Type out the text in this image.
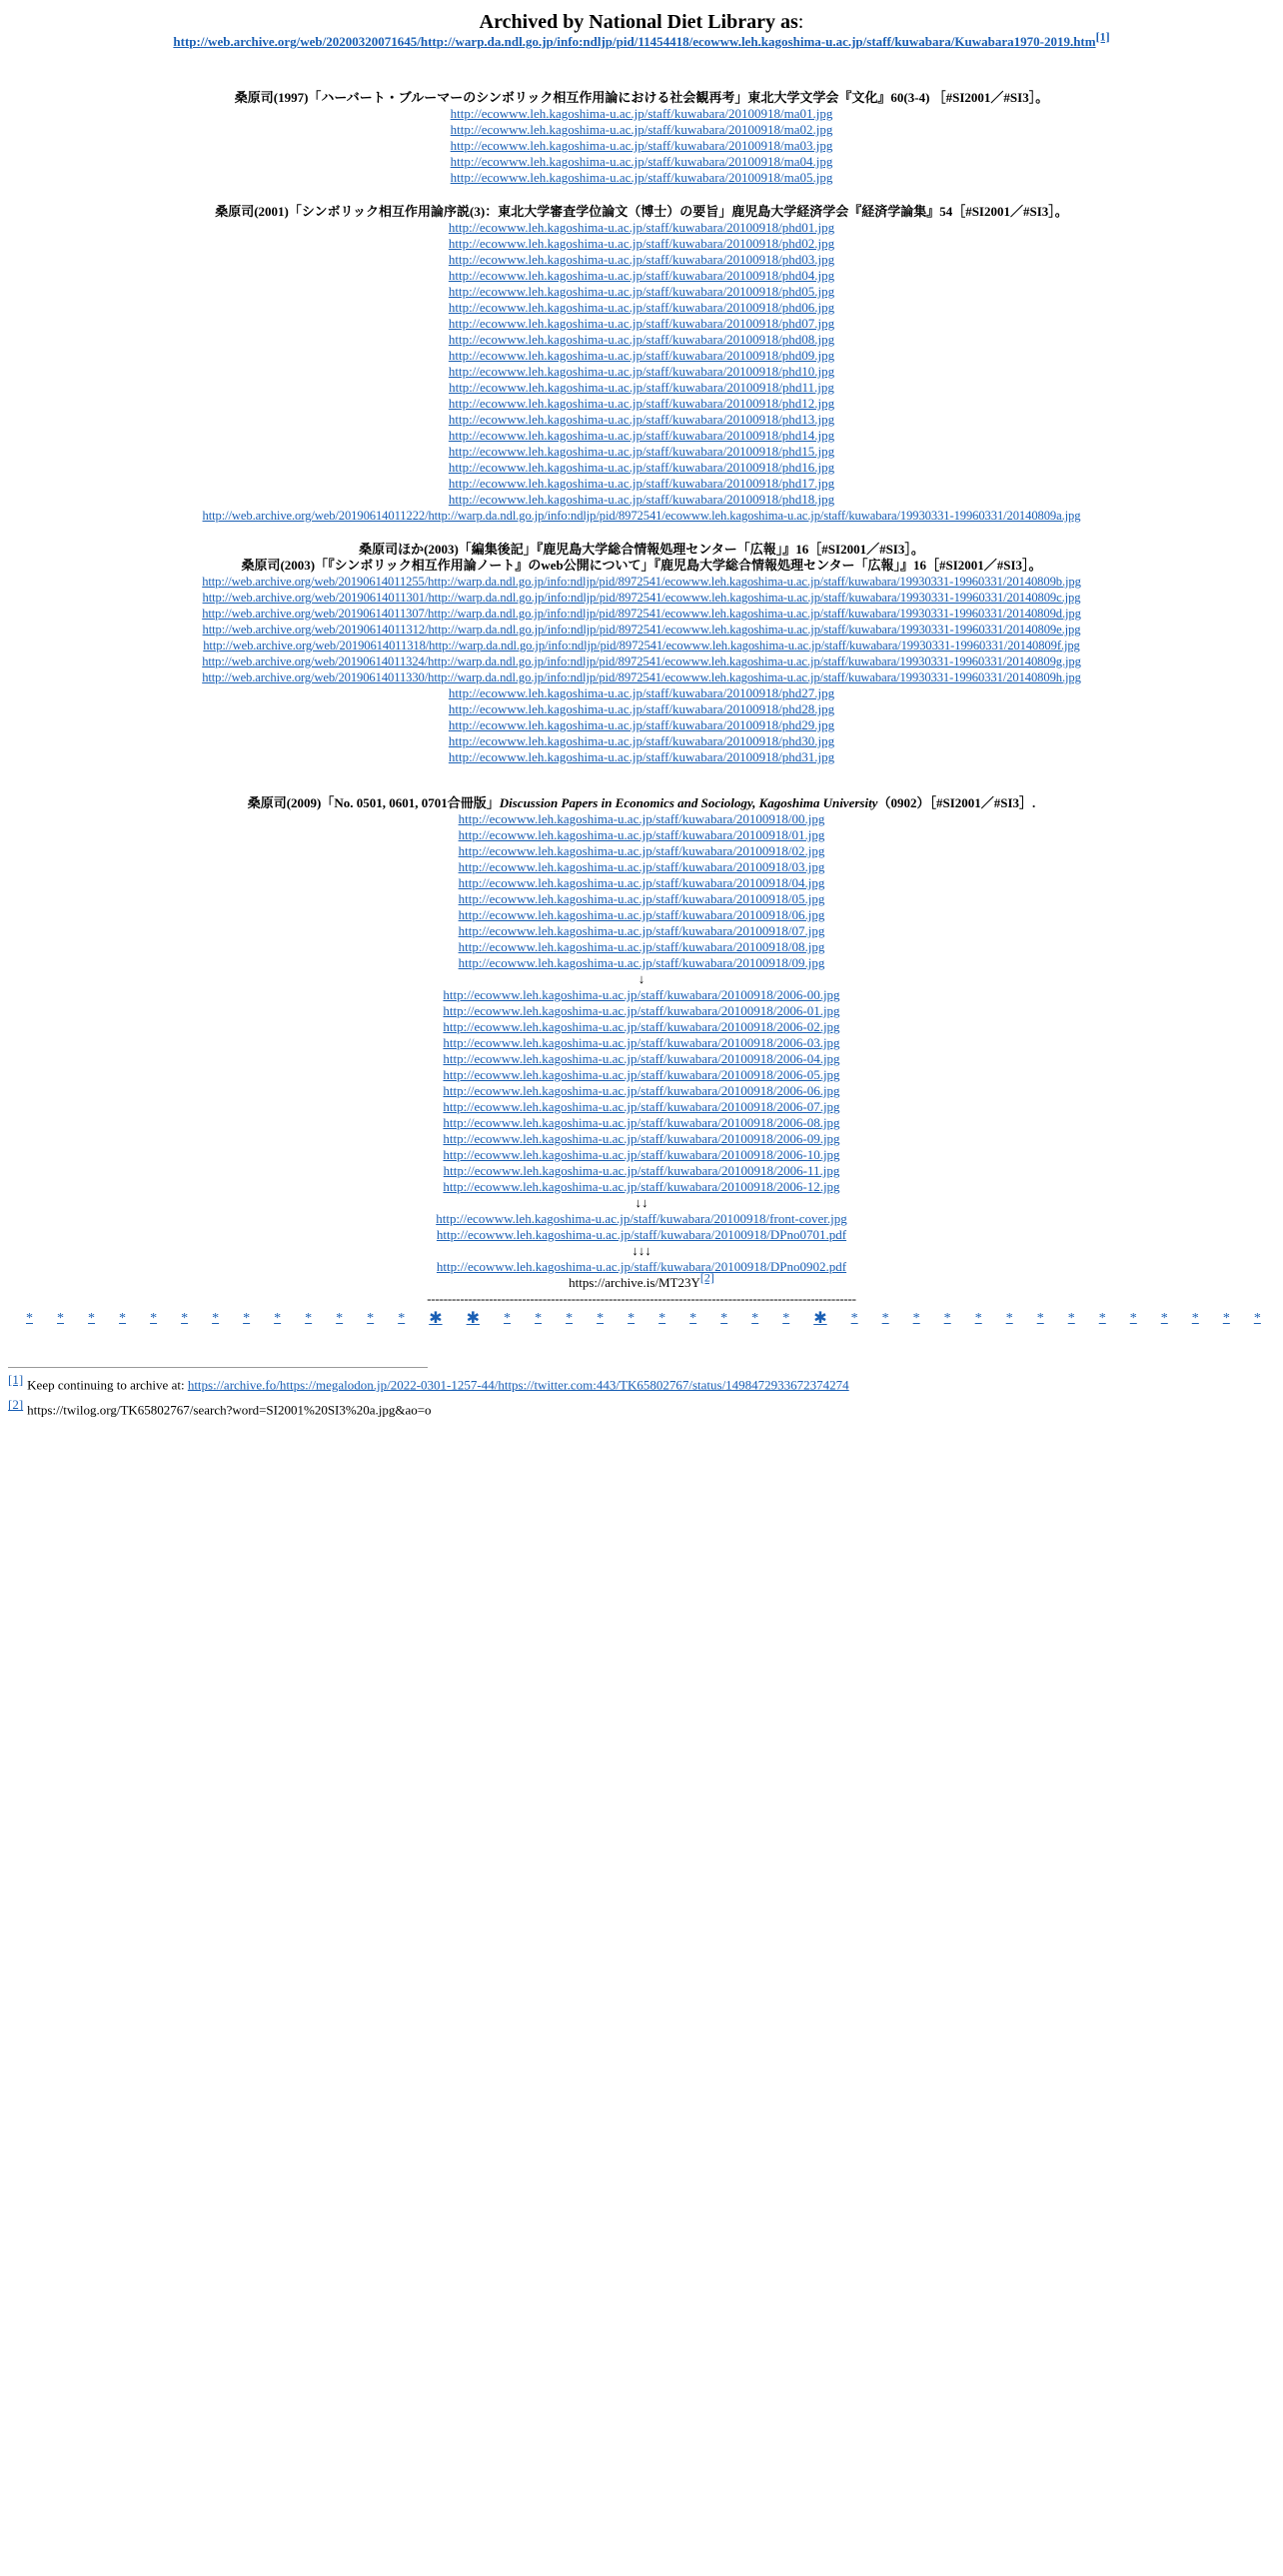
Archived by National Diet Library as:
http://web.archive.org/web/20200320071645/http://warp.da.ndl.go.jp/info:ndljp/pid/11454418/ecowww.leh.kagoshima-u.ac.jp/staff/kuwabara/Kuwabara1970-2019.htm[1]
桑原司(1997)「ハーバート・ブルーマーのシンボリック相互作用論における社会観再考」東北大学文学会『文化』60(3-4) ［#SI2001／#SI3］。
http://ecowww.leh.kagoshima-u.ac.jp/staff/kuwabara/20100918/ma01.jpg
http://ecowww.leh.kagoshima-u.ac.jp/staff/kuwabara/20100918/ma02.jpg
http://ecowww.leh.kagoshima-u.ac.jp/staff/kuwabara/20100918/ma03.jpg
http://ecowww.leh.kagoshima-u.ac.jp/staff/kuwabara/20100918/ma04.jpg
http://ecowww.leh.kagoshima-u.ac.jp/staff/kuwabara/20100918/ma05.jpg
桑原司(2001)「シンボリック相互作用論序説(3)：東北大学審査学位論文（博士）の要旨」鹿児島大学経済学会『経済学論集』54［#SI2001／#SI3］。
http://ecowww.leh.kagoshima-u.ac.jp/staff/kuwabara/20100918/phd01.jpg
http://ecowww.leh.kagoshima-u.ac.jp/staff/kuwabara/20100918/phd02.jpg
http://ecowww.leh.kagoshima-u.ac.jp/staff/kuwabara/20100918/phd03.jpg
http://ecowww.leh.kagoshima-u.ac.jp/staff/kuwabara/20100918/phd04.jpg
http://ecowww.leh.kagoshima-u.ac.jp/staff/kuwabara/20100918/phd05.jpg
http://ecowww.leh.kagoshima-u.ac.jp/staff/kuwabara/20100918/phd06.jpg
http://ecowww.leh.kagoshima-u.ac.jp/staff/kuwabara/20100918/phd07.jpg
http://ecowww.leh.kagoshima-u.ac.jp/staff/kuwabara/20100918/phd08.jpg
http://ecowww.leh.kagoshima-u.ac.jp/staff/kuwabara/20100918/phd09.jpg
http://ecowww.leh.kagoshima-u.ac.jp/staff/kuwabara/20100918/phd10.jpg
http://ecowww.leh.kagoshima-u.ac.jp/staff/kuwabara/20100918/phd11.jpg
http://ecowww.leh.kagoshima-u.ac.jp/staff/kuwabara/20100918/phd12.jpg
http://ecowww.leh.kagoshima-u.ac.jp/staff/kuwabara/20100918/phd13.jpg
http://ecowww.leh.kagoshima-u.ac.jp/staff/kuwabara/20100918/phd14.jpg
http://ecowww.leh.kagoshima-u.ac.jp/staff/kuwabara/20100918/phd15.jpg
http://ecowww.leh.kagoshima-u.ac.jp/staff/kuwabara/20100918/phd16.jpg
http://ecowww.leh.kagoshima-u.ac.jp/staff/kuwabara/20100918/phd17.jpg
http://ecowww.leh.kagoshima-u.ac.jp/staff/kuwabara/20100918/phd18.jpg
http://web.archive.org/web/20190614011222/http://warp.da.ndl.go.jp/info:ndljp/pid/8972541/ecowww.leh.kagoshima-u.ac.jp/staff/kuwabara/19930331-19960331/20140809a.jpg
桑原司ほか(2003)「編集後記」『鹿児島大学総合情報処理センター「広報」』16［#SI2001／#SI3］。
桑原司(2003)「『シンボリック相互作用論ノート』のweb公開について」『鹿児島大学総合情報処理センター「広報」』16［#SI2001／#SI3］。
http://web.archive.org/web/20190614011255/http://warp.da.ndl.go.jp/info:ndljp/pid/8972541/ecowww.leh.kagoshima-u.ac.jp/staff/kuwabara/19930331-19960331/20140809b.jpg
http://web.archive.org/web/20190614011301/http://warp.da.ndl.go.jp/info:ndljp/pid/8972541/ecowww.leh.kagoshima-u.ac.jp/staff/kuwabara/19930331-19960331/20140809c.jpg
http://web.archive.org/web/20190614011307/http://warp.da.ndl.go.jp/info:ndljp/pid/8972541/ecowww.leh.kagoshima-u.ac.jp/staff/kuwabara/19930331-19960331/20140809d.jpg
http://web.archive.org/web/20190614011312/http://warp.da.ndl.go.jp/info:ndljp/pid/8972541/ecowww.leh.kagoshima-u.ac.jp/staff/kuwabara/19930331-19960331/20140809e.jpg
http://web.archive.org/web/20190614011318/http://warp.da.ndl.go.jp/info:ndljp/pid/8972541/ecowww.leh.kagoshima-u.ac.jp/staff/kuwabara/19930331-19960331/20140809f.jpg
http://web.archive.org/web/20190614011324/http://warp.da.ndl.go.jp/info:ndljp/pid/8972541/ecowww.leh.kagoshima-u.ac.jp/staff/kuwabara/19930331-19960331/20140809g.jpg
http://web.archive.org/web/20190614011330/http://warp.da.ndl.go.jp/info:ndljp/pid/8972541/ecowww.leh.kagoshima-u.ac.jp/staff/kuwabara/19930331-19960331/20140809h.jpg
http://ecowww.leh.kagoshima-u.ac.jp/staff/kuwabara/20100918/phd27.jpg
http://ecowww.leh.kagoshima-u.ac.jp/staff/kuwabara/20100918/phd28.jpg
http://ecowww.leh.kagoshima-u.ac.jp/staff/kuwabara/20100918/phd29.jpg
http://ecowww.leh.kagoshima-u.ac.jp/staff/kuwabara/20100918/phd30.jpg
http://ecowww.leh.kagoshima-u.ac.jp/staff/kuwabara/20100918/phd31.jpg
桑原司(2009)「No. 0501, 0601, 0701合冊版」Discussion Papers in Economics and Sociology, Kagoshima University（0902）［#SI2001／#SI3］.
http://ecowww.leh.kagoshima-u.ac.jp/staff/kuwabara/20100918/00.jpg
http://ecowww.leh.kagoshima-u.ac.jp/staff/kuwabara/20100918/01.jpg
http://ecowww.leh.kagoshima-u.ac.jp/staff/kuwabara/20100918/02.jpg
http://ecowww.leh.kagoshima-u.ac.jp/staff/kuwabara/20100918/03.jpg
http://ecowww.leh.kagoshima-u.ac.jp/staff/kuwabara/20100918/04.jpg
http://ecowww.leh.kagoshima-u.ac.jp/staff/kuwabara/20100918/05.jpg
http://ecowww.leh.kagoshima-u.ac.jp/staff/kuwabara/20100918/06.jpg
http://ecowww.leh.kagoshima-u.ac.jp/staff/kuwabara/20100918/07.jpg
http://ecowww.leh.kagoshima-u.ac.jp/staff/kuwabara/20100918/08.jpg
http://ecowww.leh.kagoshima-u.ac.jp/staff/kuwabara/20100918/09.jpg
↓
http://ecowww.leh.kagoshima-u.ac.jp/staff/kuwabara/20100918/2006-00.jpg
http://ecowww.leh.kagoshima-u.ac.jp/staff/kuwabara/20100918/2006-01.jpg
http://ecowww.leh.kagoshima-u.ac.jp/staff/kuwabara/20100918/2006-02.jpg
http://ecowww.leh.kagoshima-u.ac.jp/staff/kuwabara/20100918/2006-03.jpg
http://ecowww.leh.kagoshima-u.ac.jp/staff/kuwabara/20100918/2006-04.jpg
http://ecowww.leh.kagoshima-u.ac.jp/staff/kuwabara/20100918/2006-05.jpg
http://ecowww.leh.kagoshima-u.ac.jp/staff/kuwabara/20100918/2006-06.jpg
http://ecowww.leh.kagoshima-u.ac.jp/staff/kuwabara/20100918/2006-07.jpg
http://ecowww.leh.kagoshima-u.ac.jp/staff/kuwabara/20100918/2006-08.jpg
http://ecowww.leh.kagoshima-u.ac.jp/staff/kuwabara/20100918/2006-09.jpg
http://ecowww.leh.kagoshima-u.ac.jp/staff/kuwabara/20100918/2006-10.jpg
http://ecowww.leh.kagoshima-u.ac.jp/staff/kuwabara/20100918/2006-11.jpg
http://ecowww.leh.kagoshima-u.ac.jp/staff/kuwabara/20100918/2006-12.jpg
↓↓
http://ecowww.leh.kagoshima-u.ac.jp/staff/kuwabara/20100918/front-cover.jpg
http://ecowww.leh.kagoshima-u.ac.jp/staff/kuwabara/20100918/DPno0701.pdf
↓↓↓
http://ecowww.leh.kagoshima-u.ac.jp/staff/kuwabara/20100918/DPno0902.pdf
https://archive.is/MT23Y[2]
--------------------------------------------------------------------------------------------------------
* * * * * * * * * * * * * ✱ ✱ * * * * * * * * * * ✱ * * * * * * * * * * * * * *
[1] Keep continuing to archive at: https://archive.fo/https://megalodon.jp/2022-0301-1257-44/https://twitter.com:443/TK65802767/status/1498472933672374274
[2] https://twilog.org/TK65802767/search?word=SI2001%20SI3%20a.jpg&ao=o
